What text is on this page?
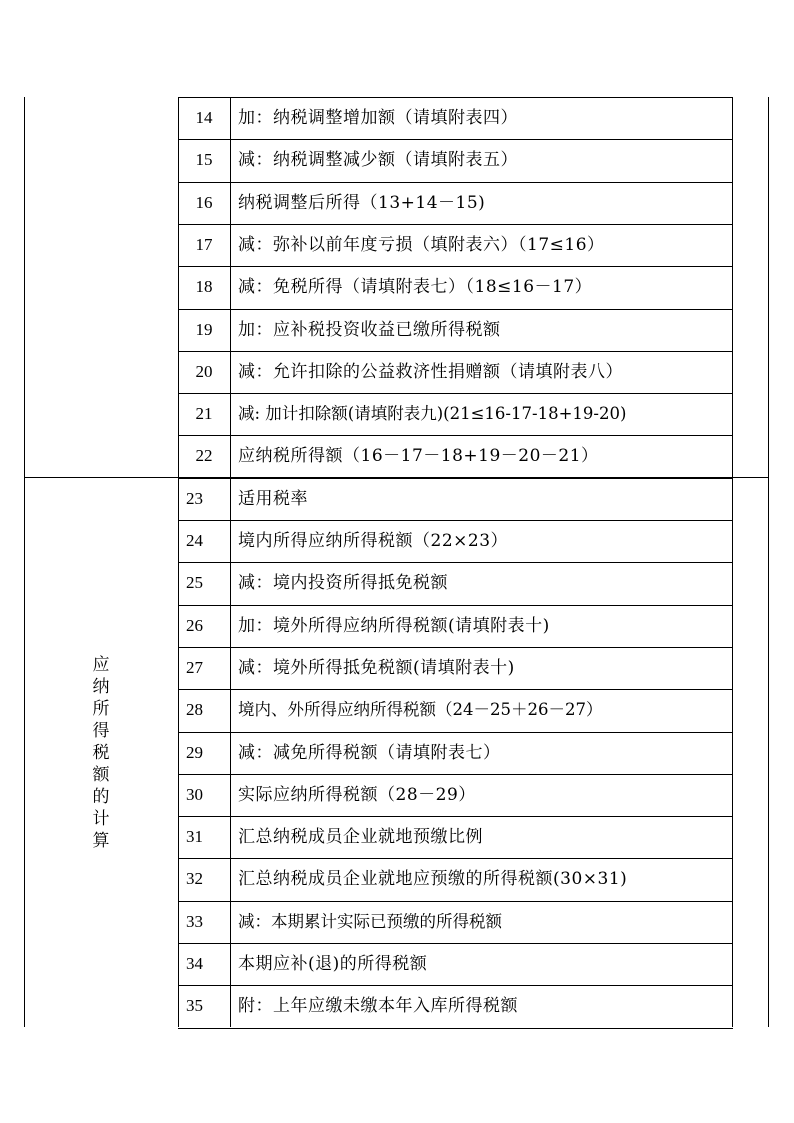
应纳所得税额的计算
14	加：纳税调整增加额（请填附表四）
15	减：纳税调整减少额（请填附表五）
16	纳税调整后所得（13+14－15)
17	减：弥补以前年度亏损（填附表六）（17≤16）
18	减：免税所得（请填附表七）（18≤16－17）
19	加：应补税投资收益已缴所得税额
20	减：允许扣除的公益救济性捐赠额（请填附表八）
21	减: 加计扣除额(请填附表九)(21≤16-17-18+19-20)
22	应纳税所得额（16－17－18+19－20－21）
23	适用税率
24	境内所得应纳所得税额（22×23）
25	减：境内投资所得抵免税额
26	加：境外所得应纳所得税额(请填附表十)
27	减：境外所得抵免税额(请填附表十)
28	境内、外所得应纳所得税额（24－25＋26－27）
29	减：减免所得税额（请填附表七）
30	实际应纳所得税额（28－29）
31	汇总纳税成员企业就地预缴比例
32	汇总纳税成员企业就地应预缴的所得税额(30×31)
33	减：本期累计实际已预缴的所得税额
34	本期应补(退)的所得税额
35	附：上年应缴未缴本年入库所得税额
